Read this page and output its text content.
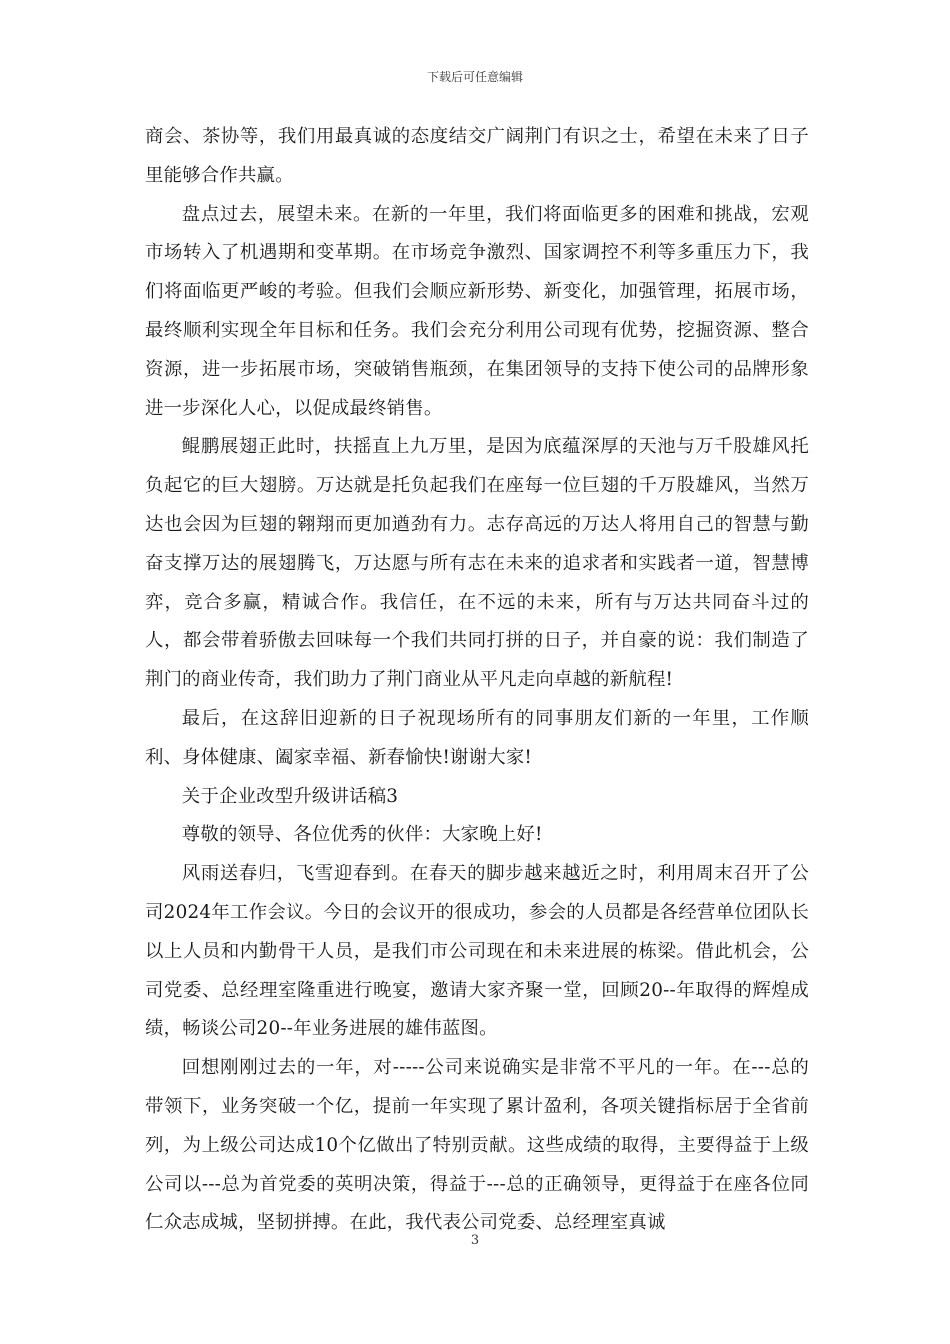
下载后可任意编辑

商会、茶协等，我们用最真诚的态度结交广阔荆门有识之士，希望在未来了日子里能够合作共赢。

盘点过去，展望未来。在新的一年里，我们将面临更多的困难和挑战，宏观市场转入了机遇期和变革期。在市场竞争激烈、国家调控不利等多重压力下，我们将面临更严峻的考验。但我们会顺应新形势、新变化，加强管理，拓展市场，最终顺利实现全年目标和任务。我们会充分利用公司现有优势，挖掘资源、整合资源，进一步拓展市场，突破销售瓶颈，在集团领导的支持下使公司的品牌形象进一步深化人心，以促成最终销售。

鲲鹏展翅正此时，扶摇直上九万里，是因为底蕴深厚的天池与万千股雄风托负起它的巨大翅膀。万达就是托负起我们在座每一位巨翅的千万股雄风，当然万达也会因为巨翅的翱翔而更加遒劲有力。志存高远的万达人将用自己的智慧与勤奋支撑万达的展翅腾飞，万达愿与所有志在未来的追求者和实践者一道，智慧博弈，竞合多赢，精诚合作。我信任，在不远的未来，所有与万达共同奋斗过的人，都会带着骄傲去回味每一个我们共同打拼的日子，并自豪的说：我们制造了荆门的商业传奇，我们助力了荆门商业从平凡走向卓越的新航程!

最后，在这辞旧迎新的日子祝现场所有的同事朋友们新的一年里，工作顺利、身体健康、阖家幸福、新春愉快!谢谢大家!

关于企业改型升级讲话稿3

尊敬的领导、各位优秀的伙伴：大家晚上好!

风雨送春归，飞雪迎春到。在春天的脚步越来越近之时，利用周末召开了公司2024年工作会议。今日的会议开的很成功，参会的人员都是各经营单位团队长以上人员和内勤骨干人员，是我们市公司现在和未来进展的栋梁。借此机会，公司党委、总经理室隆重进行晚宴，邀请大家齐聚一堂，回顾20--年取得的辉煌成绩，畅谈公司20--年业务进展的雄伟蓝图。

回想刚刚过去的一年，对-----公司来说确实是非常不平凡的一年。在---总的带领下，业务突破一个亿，提前一年实现了累计盈利，各项关键指标居于全省前列，为上级公司达成10个亿做出了特别贡献。这些成绩的取得，主要得益于上级公司以---总为首党委的英明决策，得益于---总的正确领导，更得益于在座各位同仁众志成城，坚韧拼搏。在此，我代表公司党委、总经理室真诚

3
